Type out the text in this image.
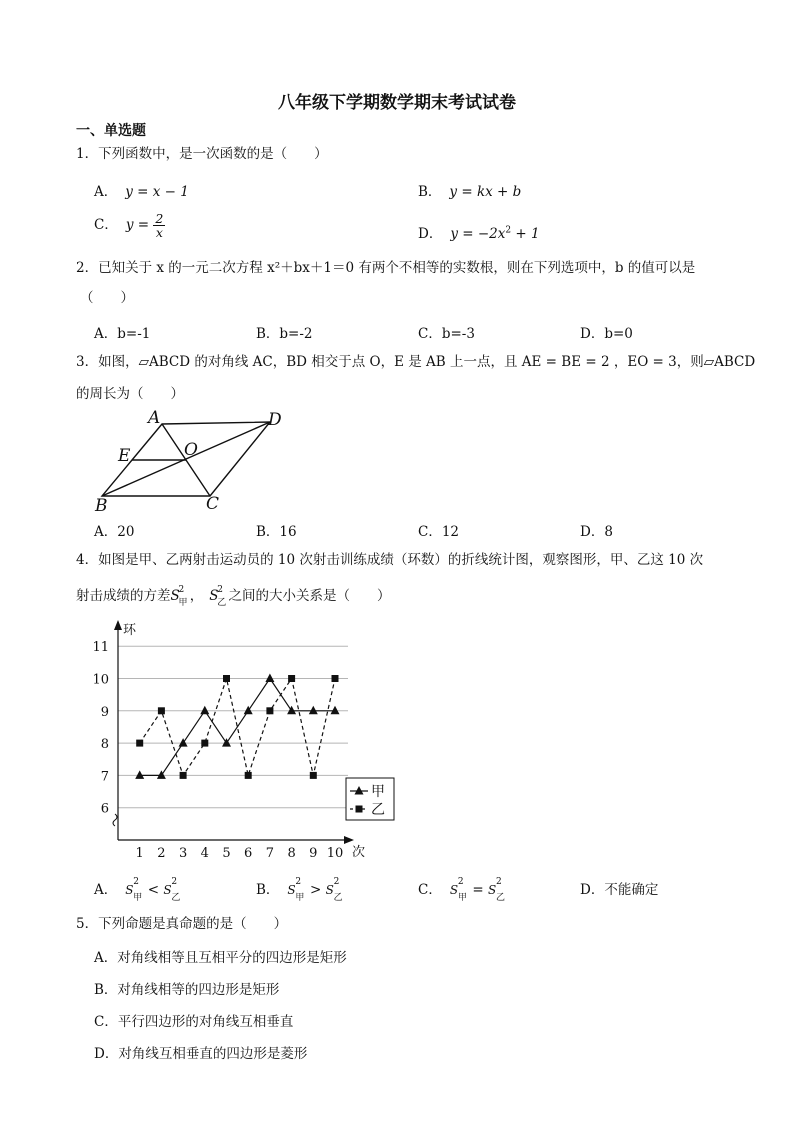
八年级下学期数学期末考试试卷
一、单选题
1．下列函数中，是一次函数的是（　　）
A． y = x − 1	B． y = kx + b
C． $y = \frac{2}{x}$	D． $y = -2x^2 + 1$
2．已知关于 x 的一元二次方程 x²＋bx＋1＝0 有两个不相等的实数根，则在下列选项中，b 的值可以是
（　　）
A．b=-1	B．b=-2	C．b=-3	D．b=0
3．如图，▱ABCD 的对角线 AC，BD 相交于点 O，E 是 AB 上一点，且 AE = BE = 2 ，EO = 3，则▱ABCD
的周长为（　　）
A	D
E	O
B	C
A．20	B．16	C．12	D．8
4．如图是甲、乙两射击运动员的 10 次射击训练成绩（环数）的折线统计图，观察图形，甲、乙这 10 次
射击成绩的方差S
2
甲 ， S
2
乙 之间的大小关系是（　　）
6
7
8
9
10
11
环
次
1 2 3 4 5 6 7 8 9 10
甲
乙
A． S
2
甲 < S
2
乙	B． S
2
甲 > S
2
乙	C． S
2
甲 = S
2
乙	D．不能确定
5．下列命题是真命题的是（　　）
A．对角线相等且互相平分的四边形是矩形
B．对角线相等的四边形是矩形
C．平行四边形的对角线互相垂直
D．对角线互相垂直的四边形是菱形
